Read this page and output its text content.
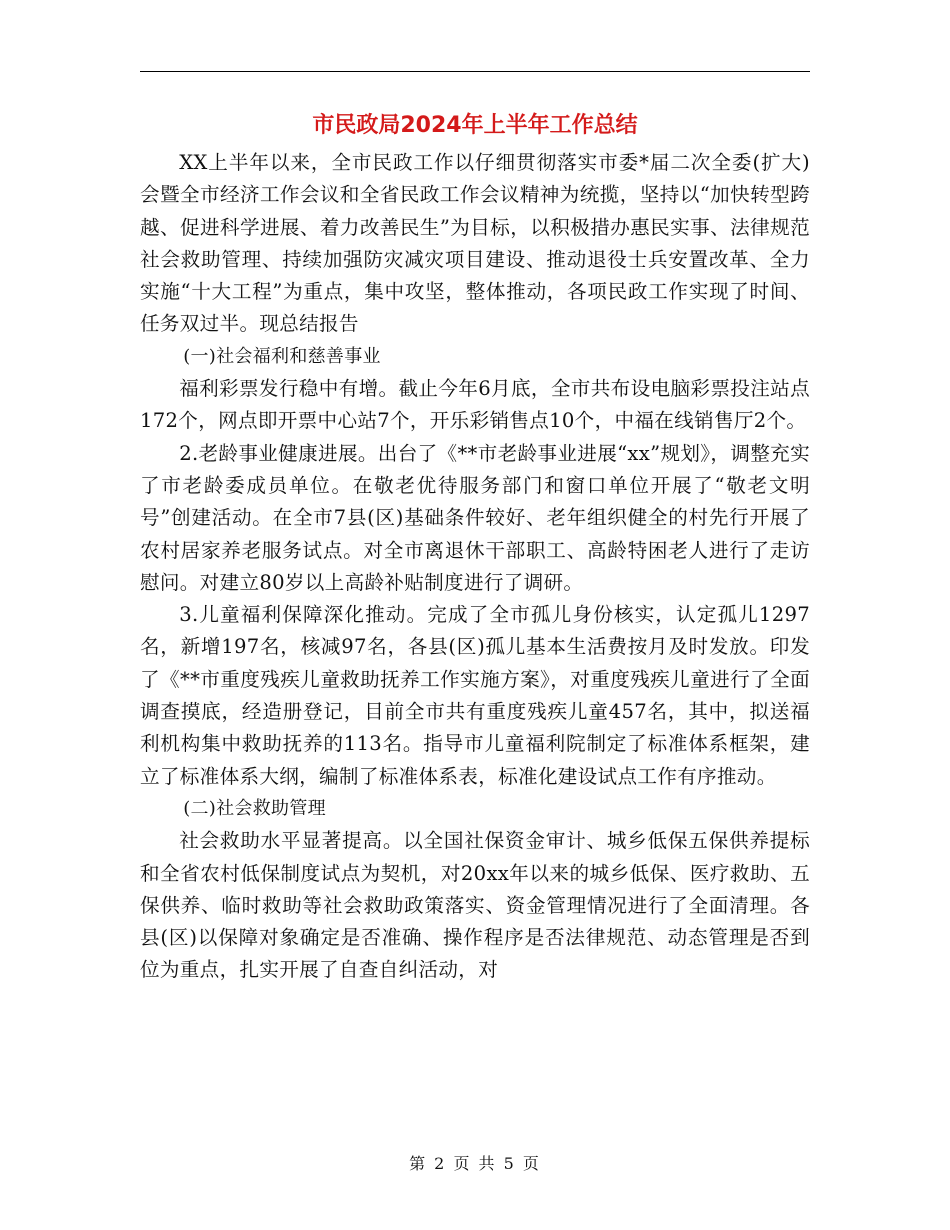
市民政局2024年上半年工作总结

XX上半年以来，全市民政工作以仔细贯彻落实市委*届二次全委(扩大)会暨全市经济工作会议和全省民政工作会议精神为统揽，坚持以“加快转型跨越、促进科学进展、着力改善民生”为目标，以积极措办惠民实事、法律规范社会救助管理、持续加强防灾减灾项目建设、推动退役士兵安置改革、全力实施“十大工程”为重点，集中攻坚，整体推动，各项民政工作实现了时间、任务双过半。现总结报告

(一)社会福利和慈善事业

福利彩票发行稳中有增。截止今年6月底，全市共布设电脑彩票投注站点172个，网点即开票中心站7个，开乐彩销售点10个，中福在线销售厅2个。

2.老龄事业健康进展。出台了《**市老龄事业进展“xx”规划》，调整充实了市老龄委成员单位。在敬老优待服务部门和窗口单位开展了“敬老文明号”创建活动。在全市7县(区)基础条件较好、老年组织健全的村先行开展了农村居家养老服务试点。对全市离退休干部职工、高龄特困老人进行了走访慰问。对建立80岁以上高龄补贴制度进行了调研。

3.儿童福利保障深化推动。完成了全市孤儿身份核实，认定孤儿1297名，新增197名，核减97名，各县(区)孤儿基本生活费按月及时发放。印发了《**市重度残疾儿童救助抚养工作实施方案》，对重度残疾儿童进行了全面调查摸底，经造册登记，目前全市共有重度残疾儿童457名，其中，拟送福利机构集中救助抚养的113名。指导市儿童福利院制定了标准体系框架，建立了标准体系大纲，编制了标准体系表，标准化建设试点工作有序推动。

(二)社会救助管理

社会救助水平显著提高。以全国社保资金审计、城乡低保五保供养提标和全省农村低保制度试点为契机，对20xx年以来的城乡低保、医疗救助、五保供养、临时救助等社会救助政策落实、资金管理情况进行了全面清理。各县(区)以保障对象确定是否准确、操作程序是否法律规范、动态管理是否到位为重点，扎实开展了自查自纠活动，对

第 2 页 共 5 页
